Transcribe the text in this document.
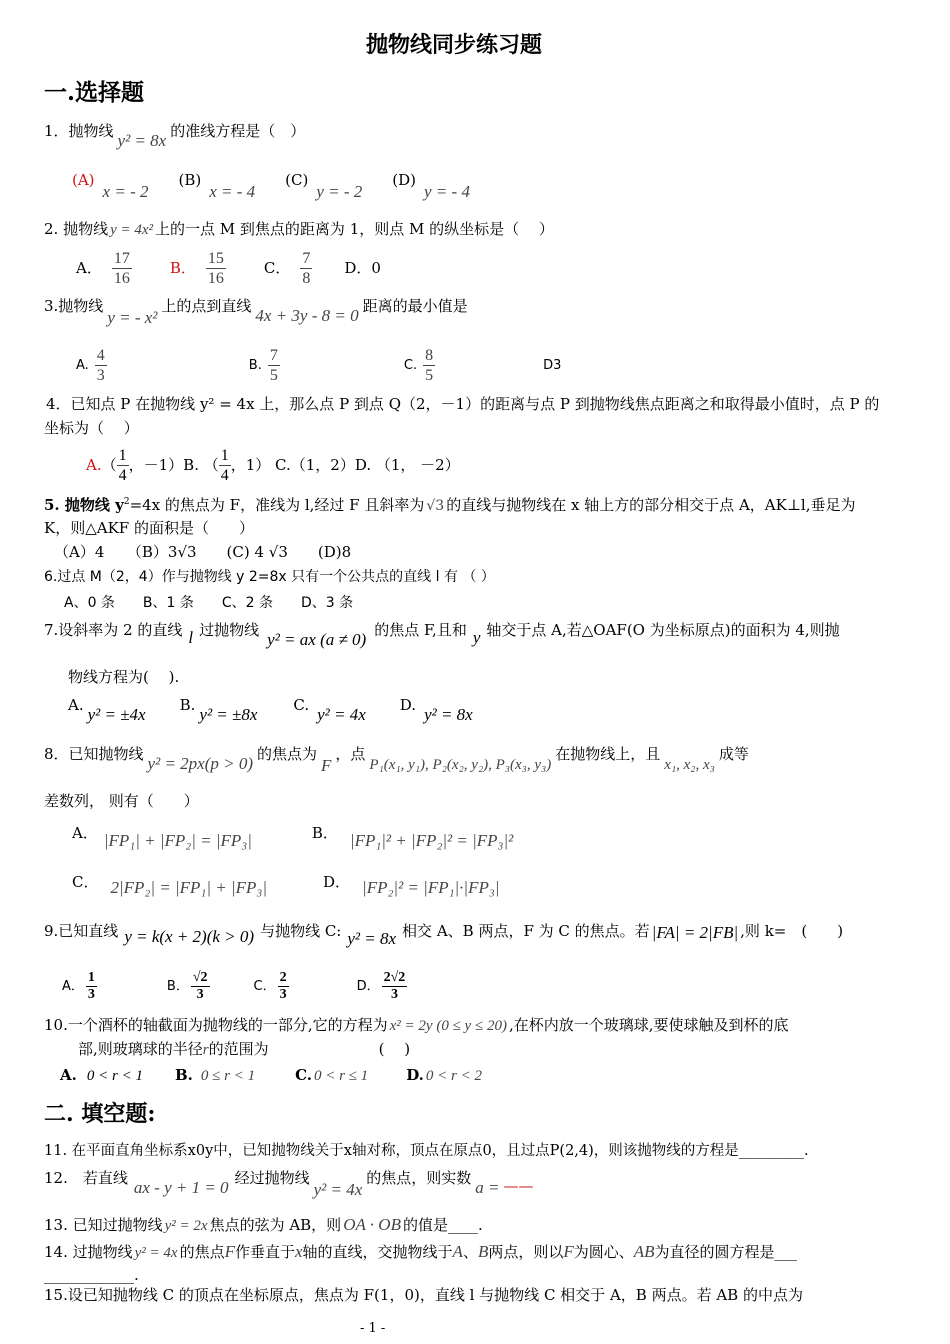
抛物线同步练习题
一.选择题
1．抛物线 y² = 8x 的准线方程是（　）
(A)x = - 2(B)x = - 4(C)y = - 2(D)y = - 4
2. 抛物线 y = 4x² 上的一点 M 到焦点的距离为 1，则点 M 的纵坐标是（　 ）
A． $\frac{17}{16}$	B． $\frac{15}{16}$	C． $\frac{7}{8}$ D．0
3.抛物线y = - x²上的点到直线 4x + 3y - 8 = 0 距离的最小值是
A. $\frac{4}{3}$	B. $\frac{7}{5}$	C. $\frac{8}{5}$	D3
4．已知点 P 在抛物线 y² = 4x 上，那么点 P 到点 Q（2，－1）的距离与点 P 到抛物线焦点距离之和取得最小值时，点 P 的
坐标为（　 ）
$A.( \frac{1}{4}$ ，－1）B. （ $\frac{1}{4}$ ，1） C.（1，2）D. （1， －2）
5. 抛物线 $y^2=4x$ 的焦点为 F，准线为 l,经过 F 且斜率为 √3 的直线与抛物线在 x 轴上方的部分相交于点 A，AK⊥l,垂足为
K，则△AKF 的面积是（　　）
（A）4　　（B）3√3　　(C) 4 √3　　(D)8
6.过点 M（2，4）作与抛物线 y 2=8x 只有一个公共点的直线 l 有 （ ）
A、0 条　　B、1 条　　C、2 条　　D、3 条
7.设斜率为 2 的直线 l 过抛物线 y² = ax (a ≠ 0) 的焦点 F,且和 y 轴交于点 A,若△OAF(O 为坐标原点)的面积为 4,则抛
物线方程为(　 ).
A. y² = ±4x B. y² = ±8x C. y² = 4x D. y² = 8x
8．已知抛物线 y² = 2px(p > 0) 的焦点为F，点P₁(x₁, y₁), P₂(x₂, y₂), P₃(x₃, y₃)在抛物线上，且x₁, x₂, x₃成等
差数列， 则有（　　）
A． |FP₁| + |FP₂| = |FP₃|	B． |FP₁|² + |FP₂|² = |FP₃|²
C． 2|FP₂| = |FP₁| + |FP₃|	D． |FP₂|² = |FP₁|·|FP₃|
9.已知直线 y = k(x + 2)(k > 0) 与抛物线 C: y² = 8x 相交 A、B 两点，F 为 C 的焦点。若 |FA| = 2|FB| ,则 k=　(　　)
A． $\frac{1}{3}$	B． $\frac{√2}{3}$	C． $\frac{2}{3}$	D． $\frac{2√2}{3}$
10.一个酒杯的轴截面为抛物线的一部分,它的方程为 x² = 2y (0 ≤ y ≤ 20) ,在杯内放一个玻璃球,要使球触及到杯的底
部,则玻璃球的半径r的范围为	(　 )
A. 0 < r < 1 B. 0 ≤ r < 1	C. 0 < r ≤ 1	D. 0 < r < 2
二. 填空题:
11. 在平面直角坐标系x0y中，已知抛物线关于x轴对称，顶点在原点0，且过点P(2,4)，则该抛物线的方程是_________.
12.　若直线 ax - y + 1 = 0 经过抛物线y² = 4x的焦点，则实数 a = ——
13. 已知过抛物线 y² = 2x 焦点的弦为 AB，则 OA · OB 的值是____.
14. 过抛物线 y² = 4x 的焦点F作垂直于x轴的直线，交抛物线于A、B两点，则以F为圆心、AB为直径的圆方程是___
____________.
15.设已知抛物线 C 的顶点在坐标原点，焦点为 F(1，0)，直线 l 与抛物线 C 相交于 A，B 两点。若 AB 的中点为
- 1 -
